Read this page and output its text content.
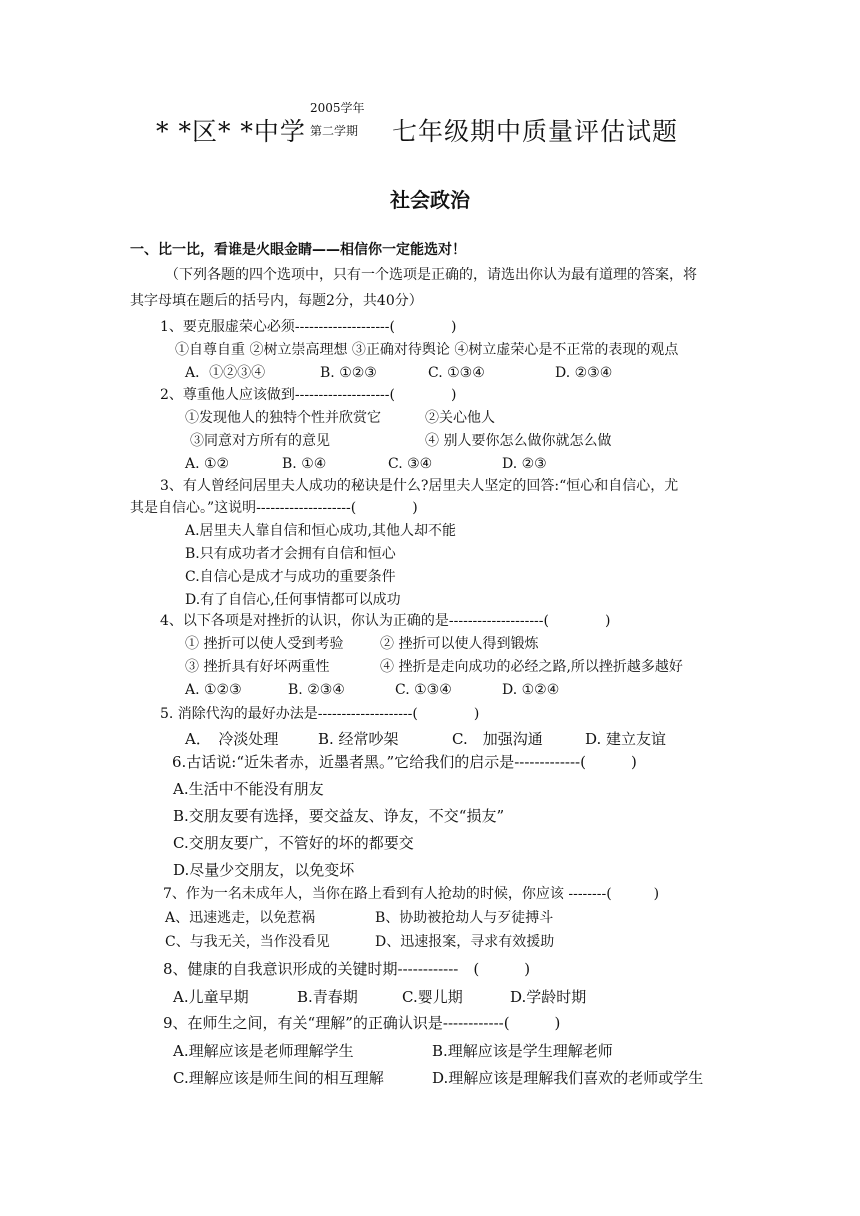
* *区* *中学
2005学年
第二学期 七年级期中质量评估试题
社会政治
一、比一比，看谁是火眼金睛——相信你一定能选对！
（下列各题的四个选项中，只有一个选项是正确的，请选出你认为最有道理的答案，将
其字母填在题后的括号内，每题2分，共40分）
1、要克服虚荣心必须--------------------(　　　　)
①自尊自重 ②树立崇高理想 ③正确对待舆论 ④树立虚荣心是不正常的表现的观点
A．①②③④	B. ①②③	C. ①③④	D. ②③④
2、尊重他人应该做到--------------------(　　　　)
①发现他人的独特个性并欣赏它	②关心他人
③同意对方所有的意见	④ 别人要你怎么做你就怎么做
A. ①②	B. ①④	C. ③④	D. ②③
3、有人曾经问居里夫人成功的秘诀是什么?居里夫人坚定的回答:“恒心和自信心，尤
其是自信心。”这说明--------------------(　　　　)
A.居里夫人靠自信和恒心成功,其他人却不能
B.只有成功者才会拥有自信和恒心
C.自信心是成才与成功的重要条件
D.有了自信心,任何事情都可以成功
4、以下各项是对挫折的认识，你认为正确的是--------------------(　　　　)
① 挫折可以使人受到考验	② 挫折可以使人得到锻炼
③ 挫折具有好坏两重性	④ 挫折是走向成功的必经之路,所以挫折越多越好
A. ①②③	B. ②③④	C. ①③④	D. ①②④
5. 消除代沟的最好办法是--------------------(　　　　)
A．　冷淡处理	B. 经常吵架	C.　加强沟通	D. 建立友谊
6.古话说:“近朱者赤，近墨者黑。”它给我们的启示是-------------(　　　)
A.生活中不能没有朋友
B.交朋友要有选择，要交益友、诤友，不交“损友”
C.交朋友要广，不管好的坏的都要交
D.尽量少交朋友，以免变坏
7、作为一名未成年人，当你在路上看到有人抢劫的时候，你应该 --------(　　　)
A、迅速逃走，以免惹祸	B、协助被抢劫人与歹徒搏斗
C、与我无关，当作没看见	D、迅速报案，寻求有效援助
8、健康的自我意识形成的关键时期------------　(　　　)
A.儿童早期	B.青春期	C.婴儿期	D.学龄时期
9、在师生之间，有关“理解”的正确认识是------------(　　　)
A.理解应该是老师理解学生	B.理解应该是学生理解老师
C.理解应该是师生间的相互理解	D.理解应该是理解我们喜欢的老师或学生
